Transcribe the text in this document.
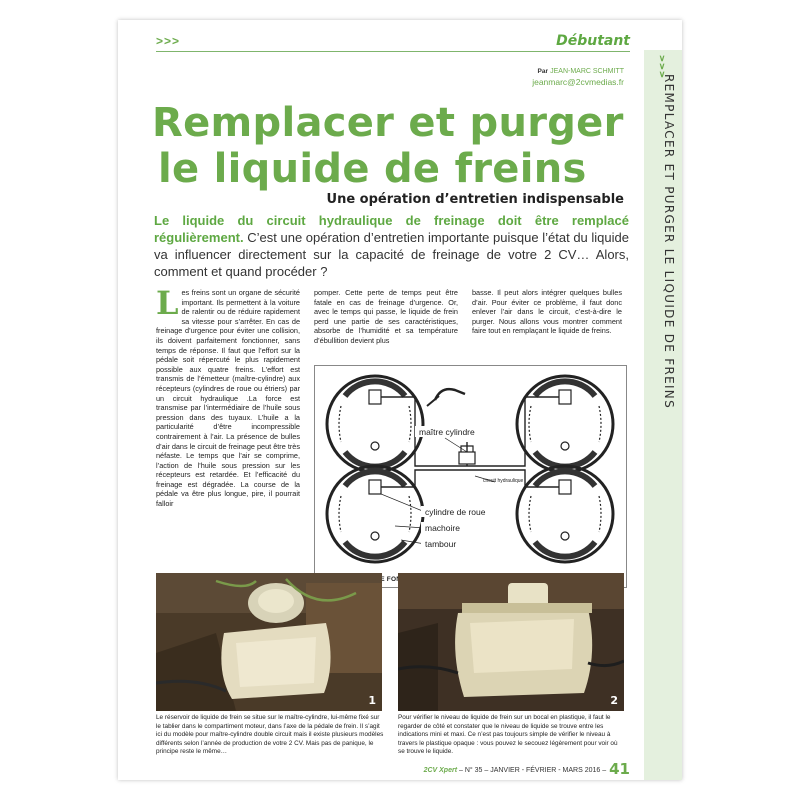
>>>	Débutant
∨
∨
∨
REMPLACER ET PURGER LE LIQUIDE DE FREINS
Par JEAN-MARC SCHMITT
jeanmarc@2cvmedias.fr
Remplacer et purger
le liquide de freins
Une opération d’entretien indispensable
Le liquide du circuit hydraulique de freinage doit être remplacé régulièrement. C’est une opération d’entretien importante puisque l’état du liquide va influencer directement sur la capacité de freinage de votre 2 CV… Alors, comment et quand procéder ?
Les freins sont un organe de sécurité important. Ils permettent à la voiture de ralentir ou de réduire rapidement sa vitesse pour s’arrêter. En cas de freinage d’urgence pour éviter une collision, ils doivent parfaitement fonctionner, sans temps de réponse. Il faut que l’effort sur la pédale soit répercuté le plus rapidement possible aux quatre freins. L’effort est transmis de l’émetteur (maître-cylindre) aux récepteurs (cylindres de roue ou étriers) par un circuit hydraulique .La force est transmise par l’intermédiaire de l’huile sous pression dans des tuyaux. L’huile a la particularité d’être incompressible contrairement à l’air. La présence de bulles d’air dans le circuit de freinage peut être très néfaste. Le temps que l’air se comprime, l’action de l’huile sous pression sur les récepteurs est retardée. Et l’efficacité du freinage est dégradée. La course de la pédale va être plus longue, pire, il pourrait falloir
pomper. Cette perte de temps peut être fatale en cas de freinage d’urgence. Or, avec le temps qui passe, le liquide de frein perd une partie de ses caractéristiques, absorbe de l’humidité et sa température d’ébullition devient plus
basse. Il peut alors intégrer quelques bulles d’air. Pour éviter ce problème, il faut donc enlever l’air dans le circuit, c’est-à-dire le purger. Nous allons vous montrer comment faire tout en remplaçant le liquide de freins.
maître cylindre
circuit hydraulique
cylindre de roue
machoire
tambour
1	2
Le réservoir de liquide de frein se situe sur le maître-cylindre, lui-même fixé sur le tablier dans le compartiment moteur, dans l’axe de la pédale de frein. Il s’agit ici du modèle pour maître-cylindre double circuit mais il existe plusieurs modèles différents selon l’année de production de votre 2 CV. Mais pas de panique, le principe reste le même…
Pour vérifier le niveau de liquide de frein sur un bocal en plastique, il faut le regarder de côté et constater que le niveau de liquide se trouve entre les indications mini et maxi. Ce n’est pas toujours simple de vérifier le niveau à travers le plastique opaque : vous pouvez le secouez légèrement pour voir où se trouve le liquide.
2CV Xpert – N° 35 – JANVIER - FÉVRIER - MARS 2016 – 41
